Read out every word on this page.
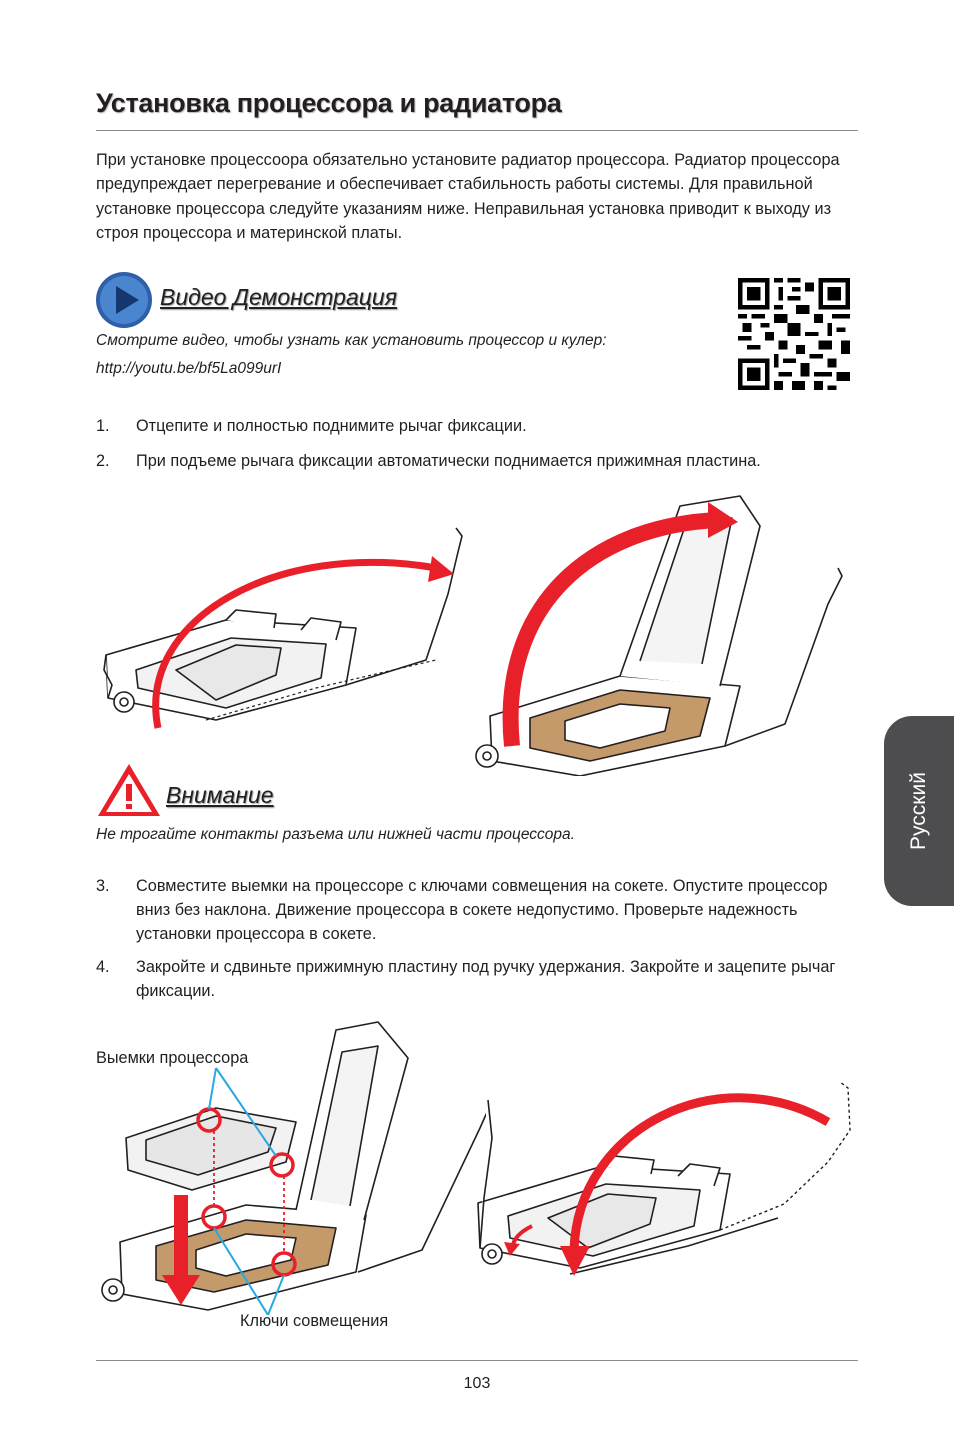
Установка процессора и радиатора
При установке процессоора обязательно установите радиатор процессора. Радиатор процессора предупреждает перегревание и обеспечивает стабильность работы системы. Для правильной установке процессора следуйте указаниям ниже. Неправильная установка приводит к выходу из строя процессора и материнской платы.
Видео Демонстрация
Смотрите видео, чтобы узнать как установить процессор и кулер:
http://youtu.be/bf5La099urI
1. Отцепите и полностью поднимите рычаг фиксации.
2. При подъеме рычага фиксации автоматически поднимается прижимная пластина.
Внимание
Не трогайте контакты разъема или нижней части процессора.
3. Совместите выемки на процессоре с ключами совмещения на сокете. Опустите процессор вниз без наклона. Движение процессора в сокете недопустимо. Проверьте надежность установки процессора в сокете.
4. Закройте и сдвиньте прижимную пластину под ручку удержания. Закройте и зацепите рычаг фиксации.
Русский
Выемки процессора
Ключи совмещения
103
